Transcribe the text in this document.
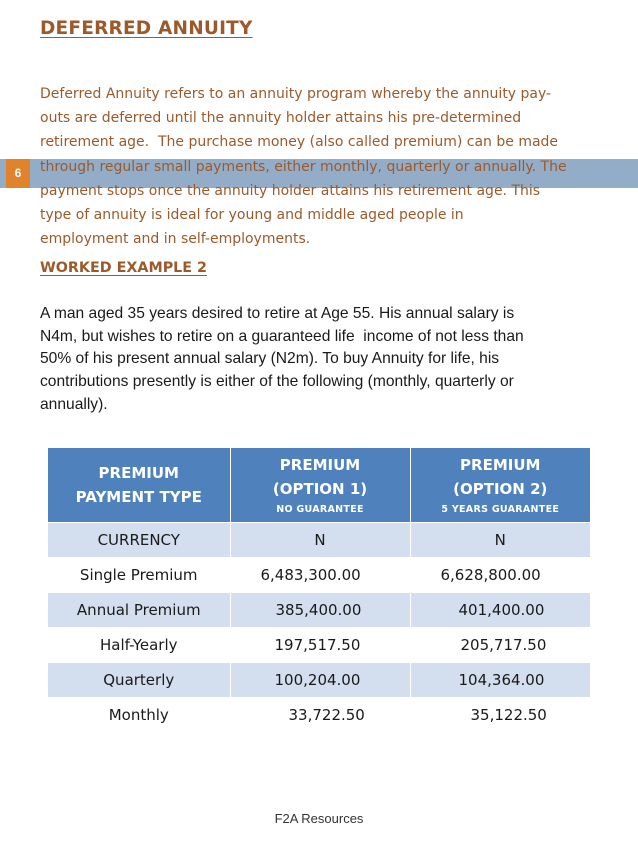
6
DEFERRED ANNUITY

Deferred Annuity refers to an annuity program whereby the annuity pay-
outs are deferred until the annuity holder attains his pre-determined
retirement age.  The purchase money (also called premium) can be made
through regular small payments, either monthly, quarterly or annually. The
payment stops once the annuity holder attains his retirement age. This
type of annuity is ideal for young and middle aged people in
employment and in self-employments.

WORKED EXAMPLE 2

A man aged 35 years desired to retire at Age 55. His annual salary is
N4m, but wishes to retire on a guaranteed life  income of not less than
50% of his present annual salary (N2m). To buy Annuity for life, his
contributions presently is either of the following (monthly, quarterly or
annually).

PREMIUM
PAYMENT TYPE	PREMIUM
(OPTION 1)
NO GUARANTEE	PREMIUM
(OPTION 2)
5 YEARS GUARANTEE

CURRENCY	N	N
Single Premium	6,483,300.00	6,628,800.00
Annual Premium	385,400.00	401,400.00
Half-Yearly	197,517.50	205,717.50
Quarterly	100,204.00	104,364.00
Monthly	33,722.50	35,122.50
F2A Resources
